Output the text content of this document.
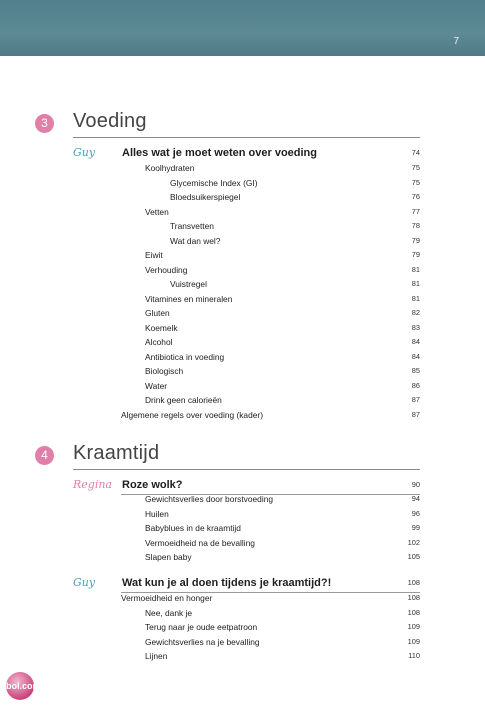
7
3	Voeding
Guy Alles wat je moet weten over voeding	74
Koolhydraten	75
Glycemische Index (GI)	75
Bloedsuikerspiegel	76
Vetten	77
Transvetten	78
Wat dan wel?	79
Eiwit	79
Verhouding	81
Vuistregel	81
Vitamines en mineralen	81
Gluten	82
Koemelk	83
Alcohol	84
Antibiotica in voeding	84
Biologisch	85
Water	86
Drink geen calorieën	87
Algemene regels over voeding (kader)	87
4	Kraamtijd
Regina Roze wolk?	90
Gewichtsverlies door borstvoeding	94
Huilen	96
Babyblues in de kraamtijd	99
Vermoeidheid na de bevalling	102
Slapen baby	105
Guy Wat kun je al doen tijdens je kraamtijd?!	108
Vermoeidheid en honger	108
Nee, dank je	108
Terug naar je oude eetpatroon	109
Gewichtsverlies na je bevalling	109
Lijnen	110
bol.com
